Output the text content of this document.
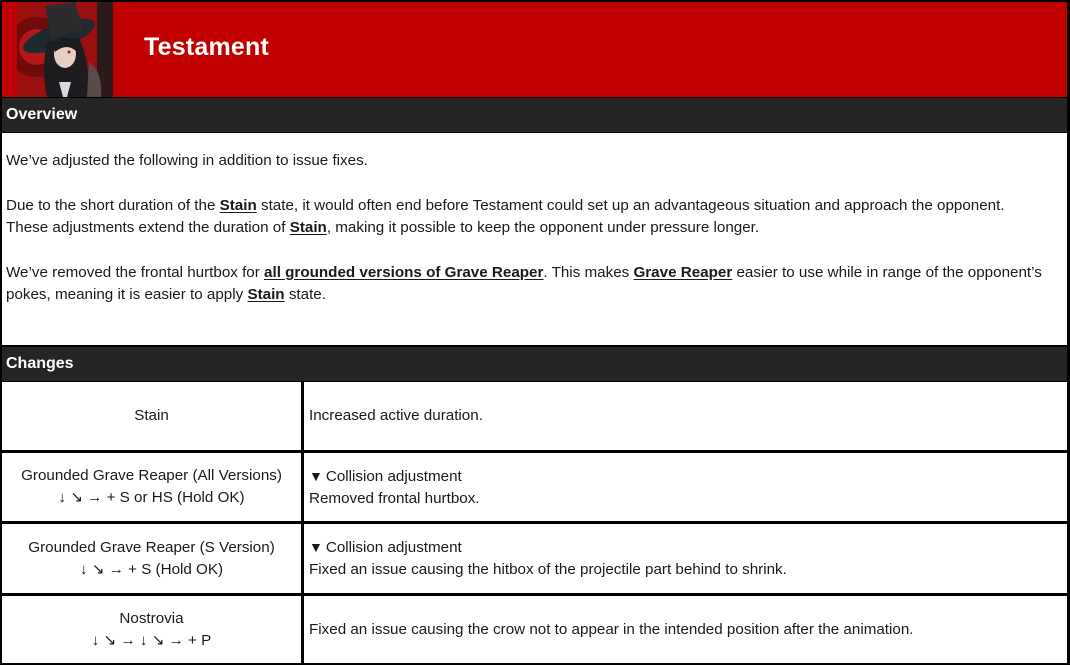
Testament
Overview

We’ve adjusted the following in addition to issue fixes.

Due to the short duration of the Stain state, it would often end before Testament could set up an advantageous situation and approach the opponent.

These adjustments extend the duration of Stain, making it possible to keep the opponent under pressure longer.

We’ve removed the frontal hurtbox for all grounded versions of Grave Reaper. This makes Grave Reaper easier to use while in range of the opponent’s pokes, meaning it is easier to apply Stain state.

Changes
Stain	Increased active duration.
Grounded Grave Reaper (All Versions)
↓ ↘ → + S or HS (Hold OK)
▼ Collision adjustment
Removed frontal hurtbox.
Grounded Grave Reaper (S Version)
↓ ↘ → + S (Hold OK)
▼ Collision adjustment
Fixed an issue causing the hitbox of the projectile part behind to shrink.
Nostrovia
↓ ↘ → ↓ ↘ → + P
Fixed an issue causing the crow not to appear in the intended position after the animation.
